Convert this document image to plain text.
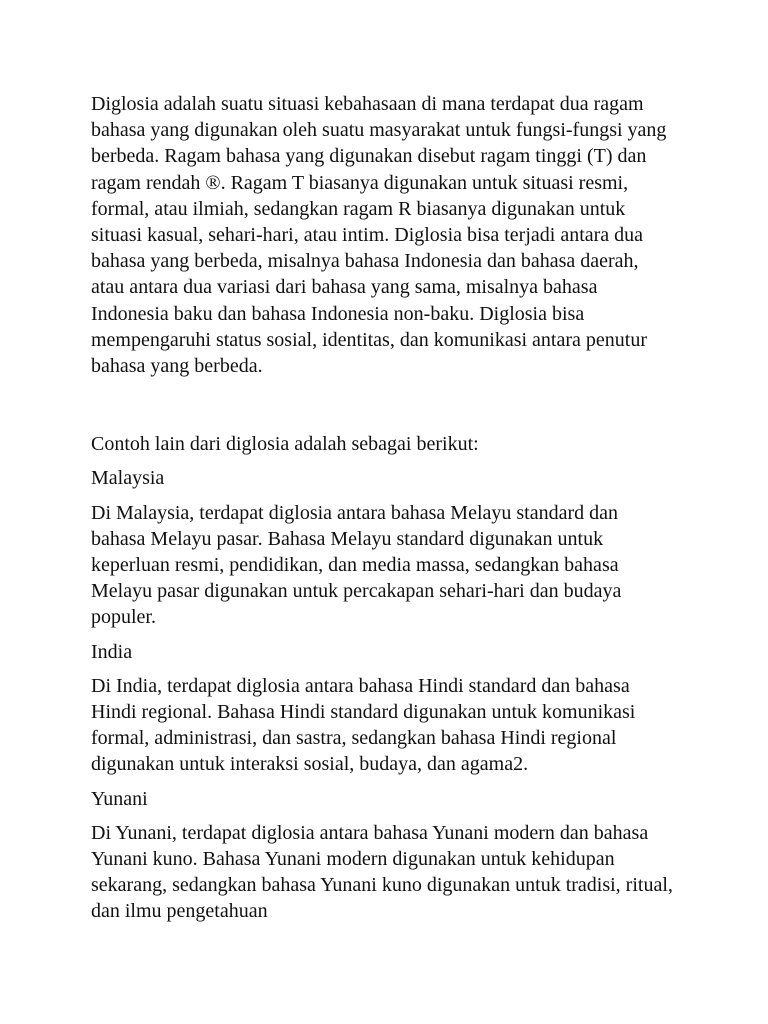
Diglosia adalah suatu situasi kebahasaan di mana terdapat dua ragam
bahasa yang digunakan oleh suatu masyarakat untuk fungsi-fungsi yang
berbeda. Ragam bahasa yang digunakan disebut ragam tinggi (T) dan
ragam rendah ®. Ragam T biasanya digunakan untuk situasi resmi,
formal, atau ilmiah, sedangkan ragam R biasanya digunakan untuk
situasi kasual, sehari-hari, atau intim. Diglosia bisa terjadi antara dua
bahasa yang berbeda, misalnya bahasa Indonesia dan bahasa daerah,
atau antara dua variasi dari bahasa yang sama, misalnya bahasa
Indonesia baku dan bahasa Indonesia non-baku. Diglosia bisa
mempengaruhi status sosial, identitas, dan komunikasi antara penutur
bahasa yang berbeda.

Contoh lain dari diglosia adalah sebagai berikut:

Malaysia

Di Malaysia, terdapat diglosia antara bahasa Melayu standard dan
bahasa Melayu pasar. Bahasa Melayu standard digunakan untuk
keperluan resmi, pendidikan, dan media massa, sedangkan bahasa
Melayu pasar digunakan untuk percakapan sehari-hari dan budaya
populer.

India

Di India, terdapat diglosia antara bahasa Hindi standard dan bahasa
Hindi regional. Bahasa Hindi standard digunakan untuk komunikasi
formal, administrasi, dan sastra, sedangkan bahasa Hindi regional
digunakan untuk interaksi sosial, budaya, dan agama2.

Yunani

Di Yunani, terdapat diglosia antara bahasa Yunani modern dan bahasa
Yunani kuno. Bahasa Yunani modern digunakan untuk kehidupan
sekarang, sedangkan bahasa Yunani kuno digunakan untuk tradisi, ritual,
dan ilmu pengetahuan
